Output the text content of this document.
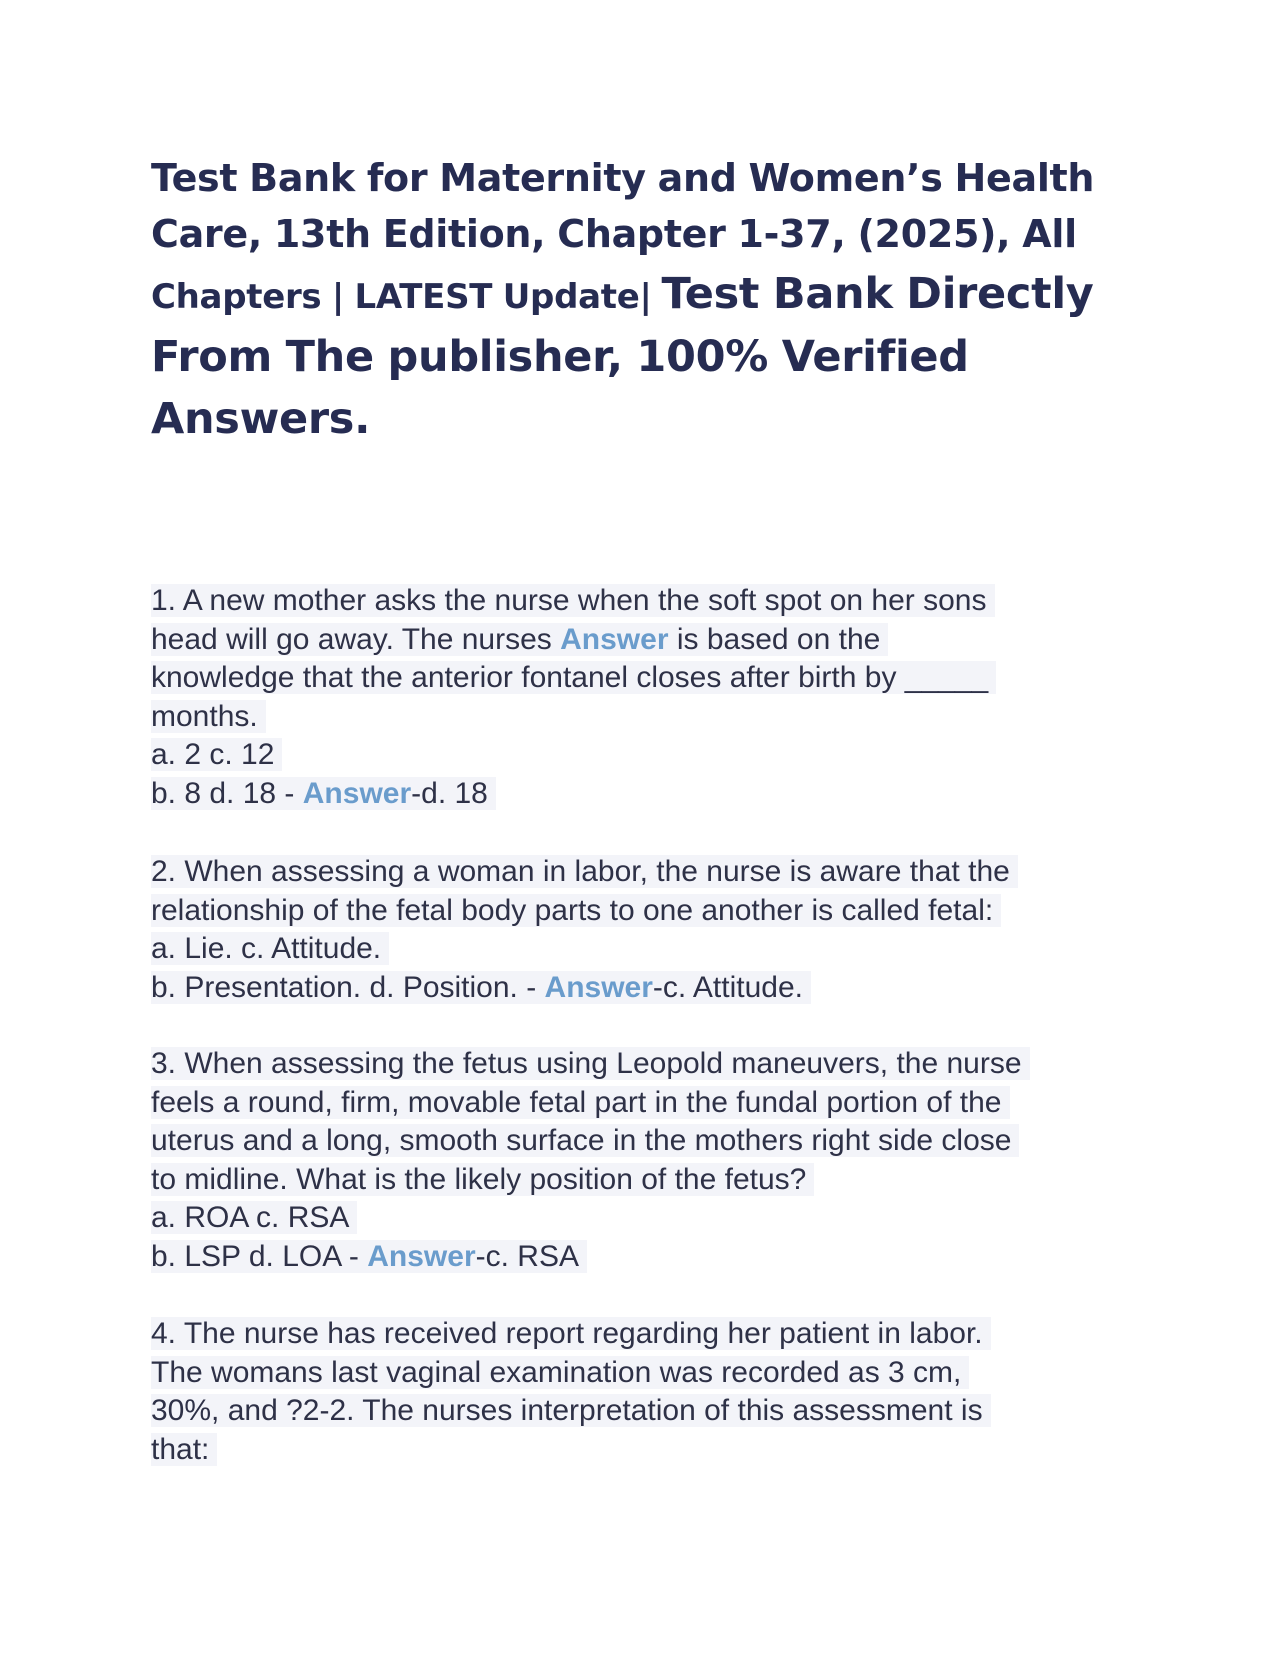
Test Bank for Maternity and Women’s Health
Care, 13th Edition, Chapter 1-37, (2025), All
Chapters | LATEST Update| Test Bank Directly
From The publisher, 100% Verified
Answers.
1. A new mother asks the nurse when the soft spot on her sons
head will go away. The nurses Answer is based on the
knowledge that the anterior fontanel closes after birth by _____
months.
a. 2 c. 12
b. 8 d. 18 - Answer-d. 18
2. When assessing a woman in labor, the nurse is aware that the
relationship of the fetal body parts to one another is called fetal:
a. Lie. c. Attitude.
b. Presentation. d. Position. - Answer-c. Attitude.
3. When assessing the fetus using Leopold maneuvers, the nurse
feels a round, firm, movable fetal part in the fundal portion of the
uterus and a long, smooth surface in the mothers right side close
to midline. What is the likely position of the fetus?
a. ROA c. RSA
b. LSP d. LOA - Answer-c. RSA
4. The nurse has received report regarding her patient in labor.
The womans last vaginal examination was recorded as 3 cm,
30%, and ?2-2. The nurses interpretation of this assessment is
that:
